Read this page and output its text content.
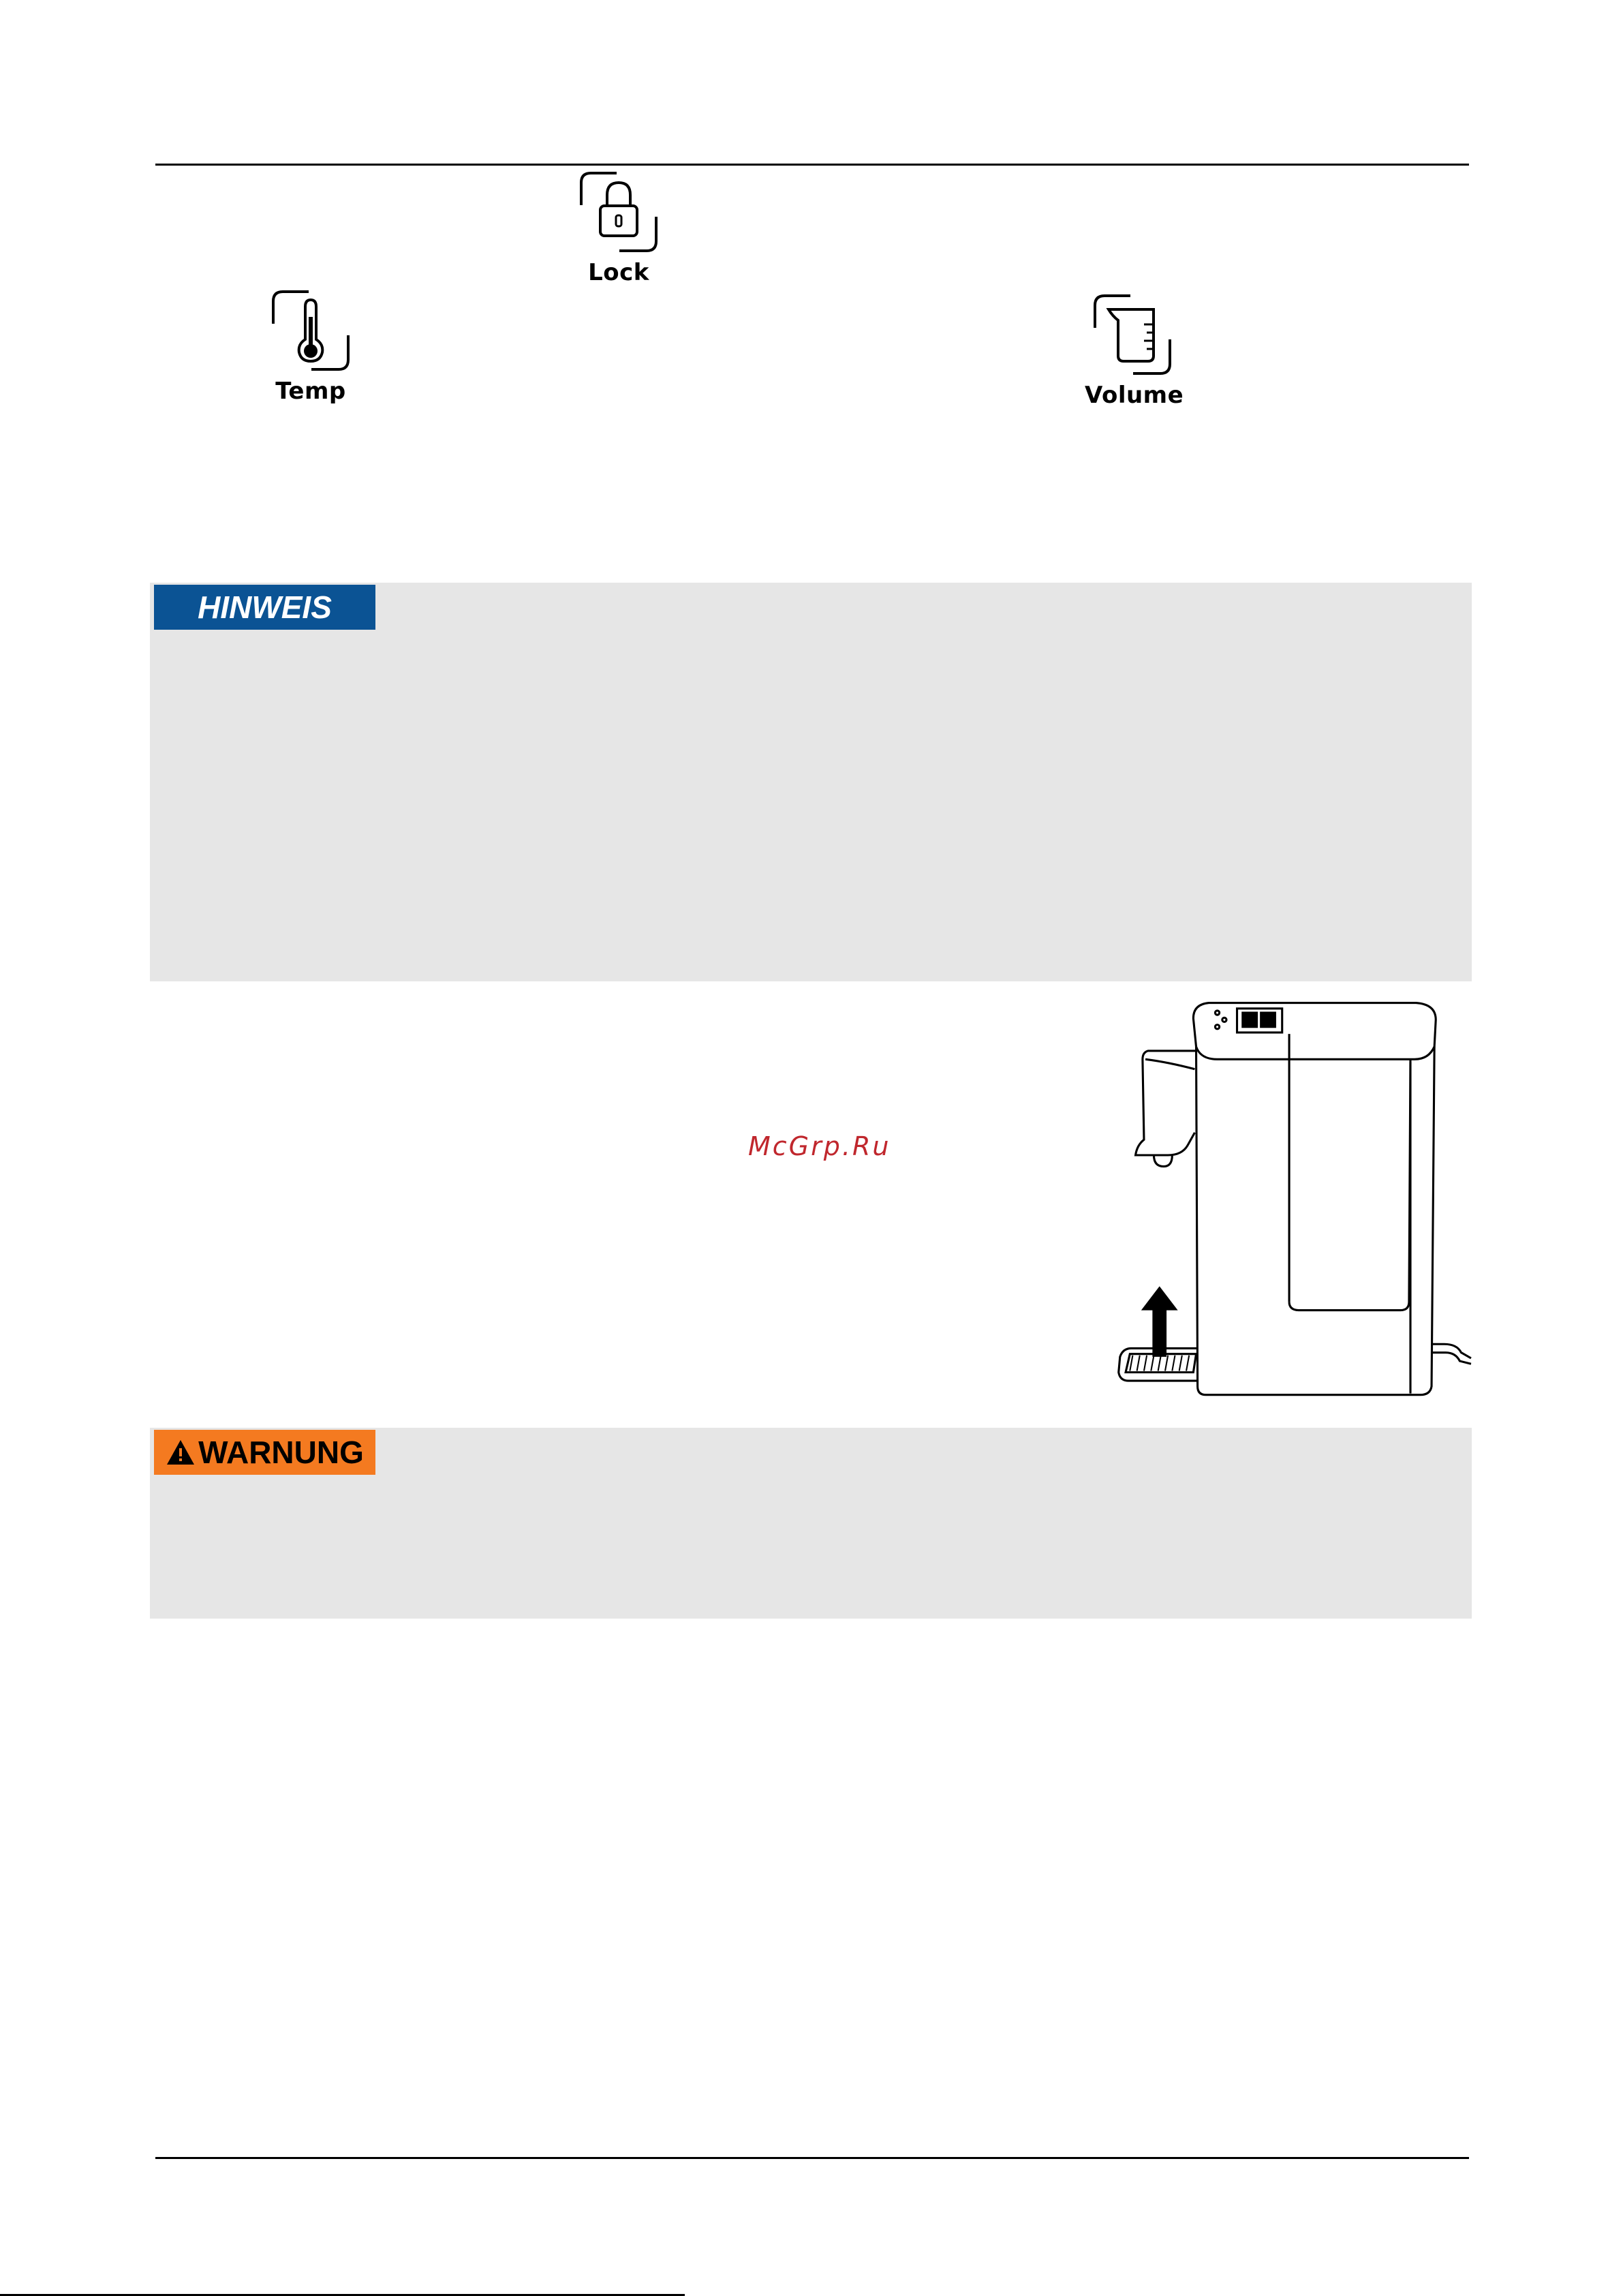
Lock
Temp	Volume
HINWEIS
McGrp.Ru
WARNUNG
